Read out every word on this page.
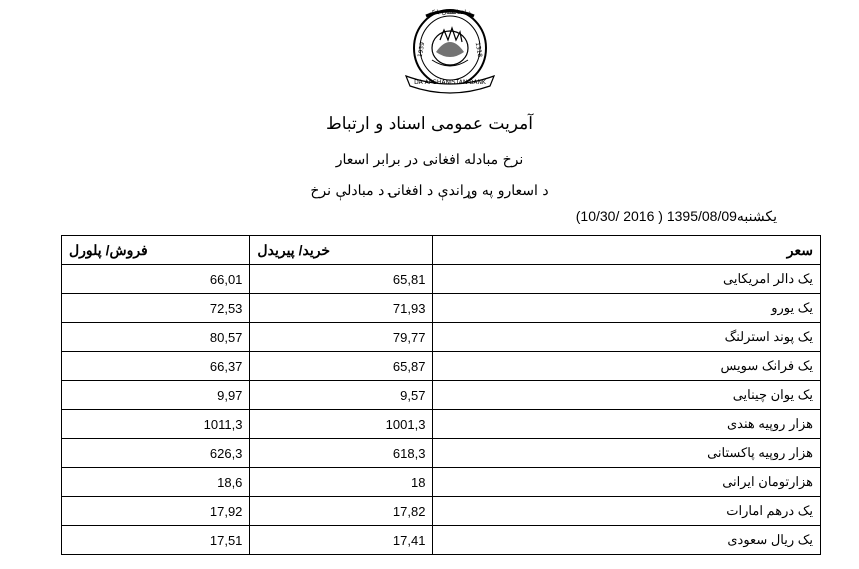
د افغانستان بانک
DA AFGHANISTAN BANK
1939	1318
آمریت عمومی اسناد و ارتباط
نرخ مبادله افغانی در برابر اسعار
د اسعارو په وړاندې د افغانۍ د مبادلې نرخ
یکشنبه1395/08/09 ( 2016 /10/30)
سعر	خرید/ پیریدل	فروش/ پلورل
یک دالر امریکایی	65,81	66,01
یک یورو	71,93	72,53
یک پوند استرلنگ	79,77	80,57
یک فرانک سویس	65,87	66,37
یک یوان چینایی	9,57	9,97
هزار روپیه هندی	1001,3	1011,3
هزار روپیه پاکستانی	618,3	626,3
هزارتومان ایرانی	18	18,6
یک درهم امارات	17,82	17,92
یک ریال سعودی	17,41	17,51
